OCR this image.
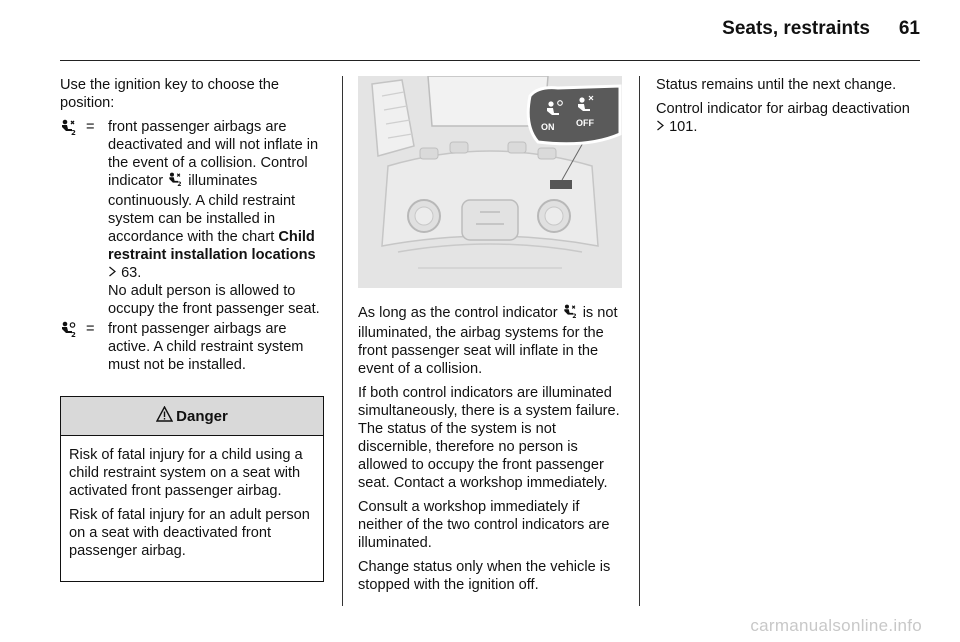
Seats, restraints 61

Use the ignition key to choose the position:

2 = front passenger airbags are deactivated and will not inflate in the event of a collision. Control indicator 2 illuminates continuously. A child restraint system can be installed in accordance with the chart Child restraint installation locations  63.
No adult person is allowed to occupy the front passenger seat.
2 = front passenger airbags are active. A child restraint system must not be installed.
Danger

Risk of fatal injury for a child using a child restraint system on a seat with activated front passenger airbag.

Risk of fatal injury for an adult person on a seat with deactivated front passenger airbag.

ON OFF

As long as the control indicator 2 is not illuminated, the airbag systems for the front passenger seat will inflate in the event of a collision.

If both control indicators are illuminated simultaneously, there is a system failure. The status of the system is not discernible, therefore no person is allowed to occupy the front passenger seat. Contact a workshop immediately.

Consult a workshop immediately if neither of the two control indicators are illuminated.

Change status only when the vehicle is stopped with the ignition off.

Status remains until the next change.

Control indicator for airbag deactivation  101.

carmanualsonline.info
